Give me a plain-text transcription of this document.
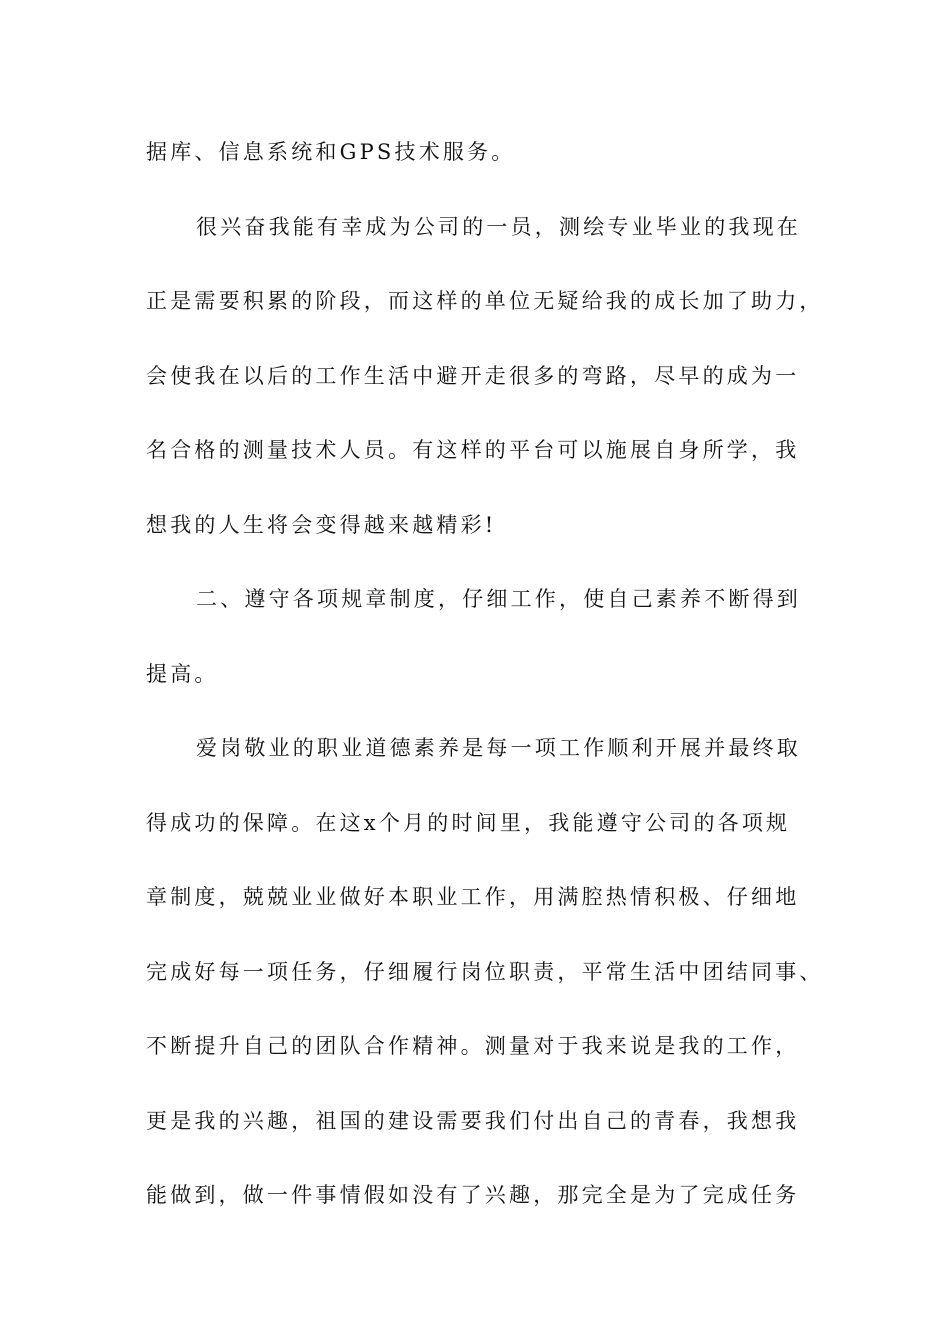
据库、信息系统和GPS技术服务。
很兴奋我能有幸成为公司的一员，测绘专业毕业的我现在
正是需要积累的阶段，而这样的单位无疑给我的成长加了助力，
会使我在以后的工作生活中避开走很多的弯路，尽早的成为一
名合格的测量技术人员。有这样的平台可以施展自身所学，我
想我的人生将会变得越来越精彩!
二、遵守各项规章制度，仔细工作，使自己素养不断得到
提高。
爱岗敬业的职业道德素养是每一项工作顺利开展并最终取
得成功的保障。在这x个月的时间里，我能遵守公司的各项规
章制度，兢兢业业做好本职业工作，用满腔热情积极、仔细地
完成好每一项任务，仔细履行岗位职责，平常生活中团结同事、
不断提升自己的团队合作精神。测量对于我来说是我的工作，
更是我的兴趣，祖国的建设需要我们付出自己的青春，我想我
能做到，做一件事情假如没有了兴趣，那完全是为了完成任务
